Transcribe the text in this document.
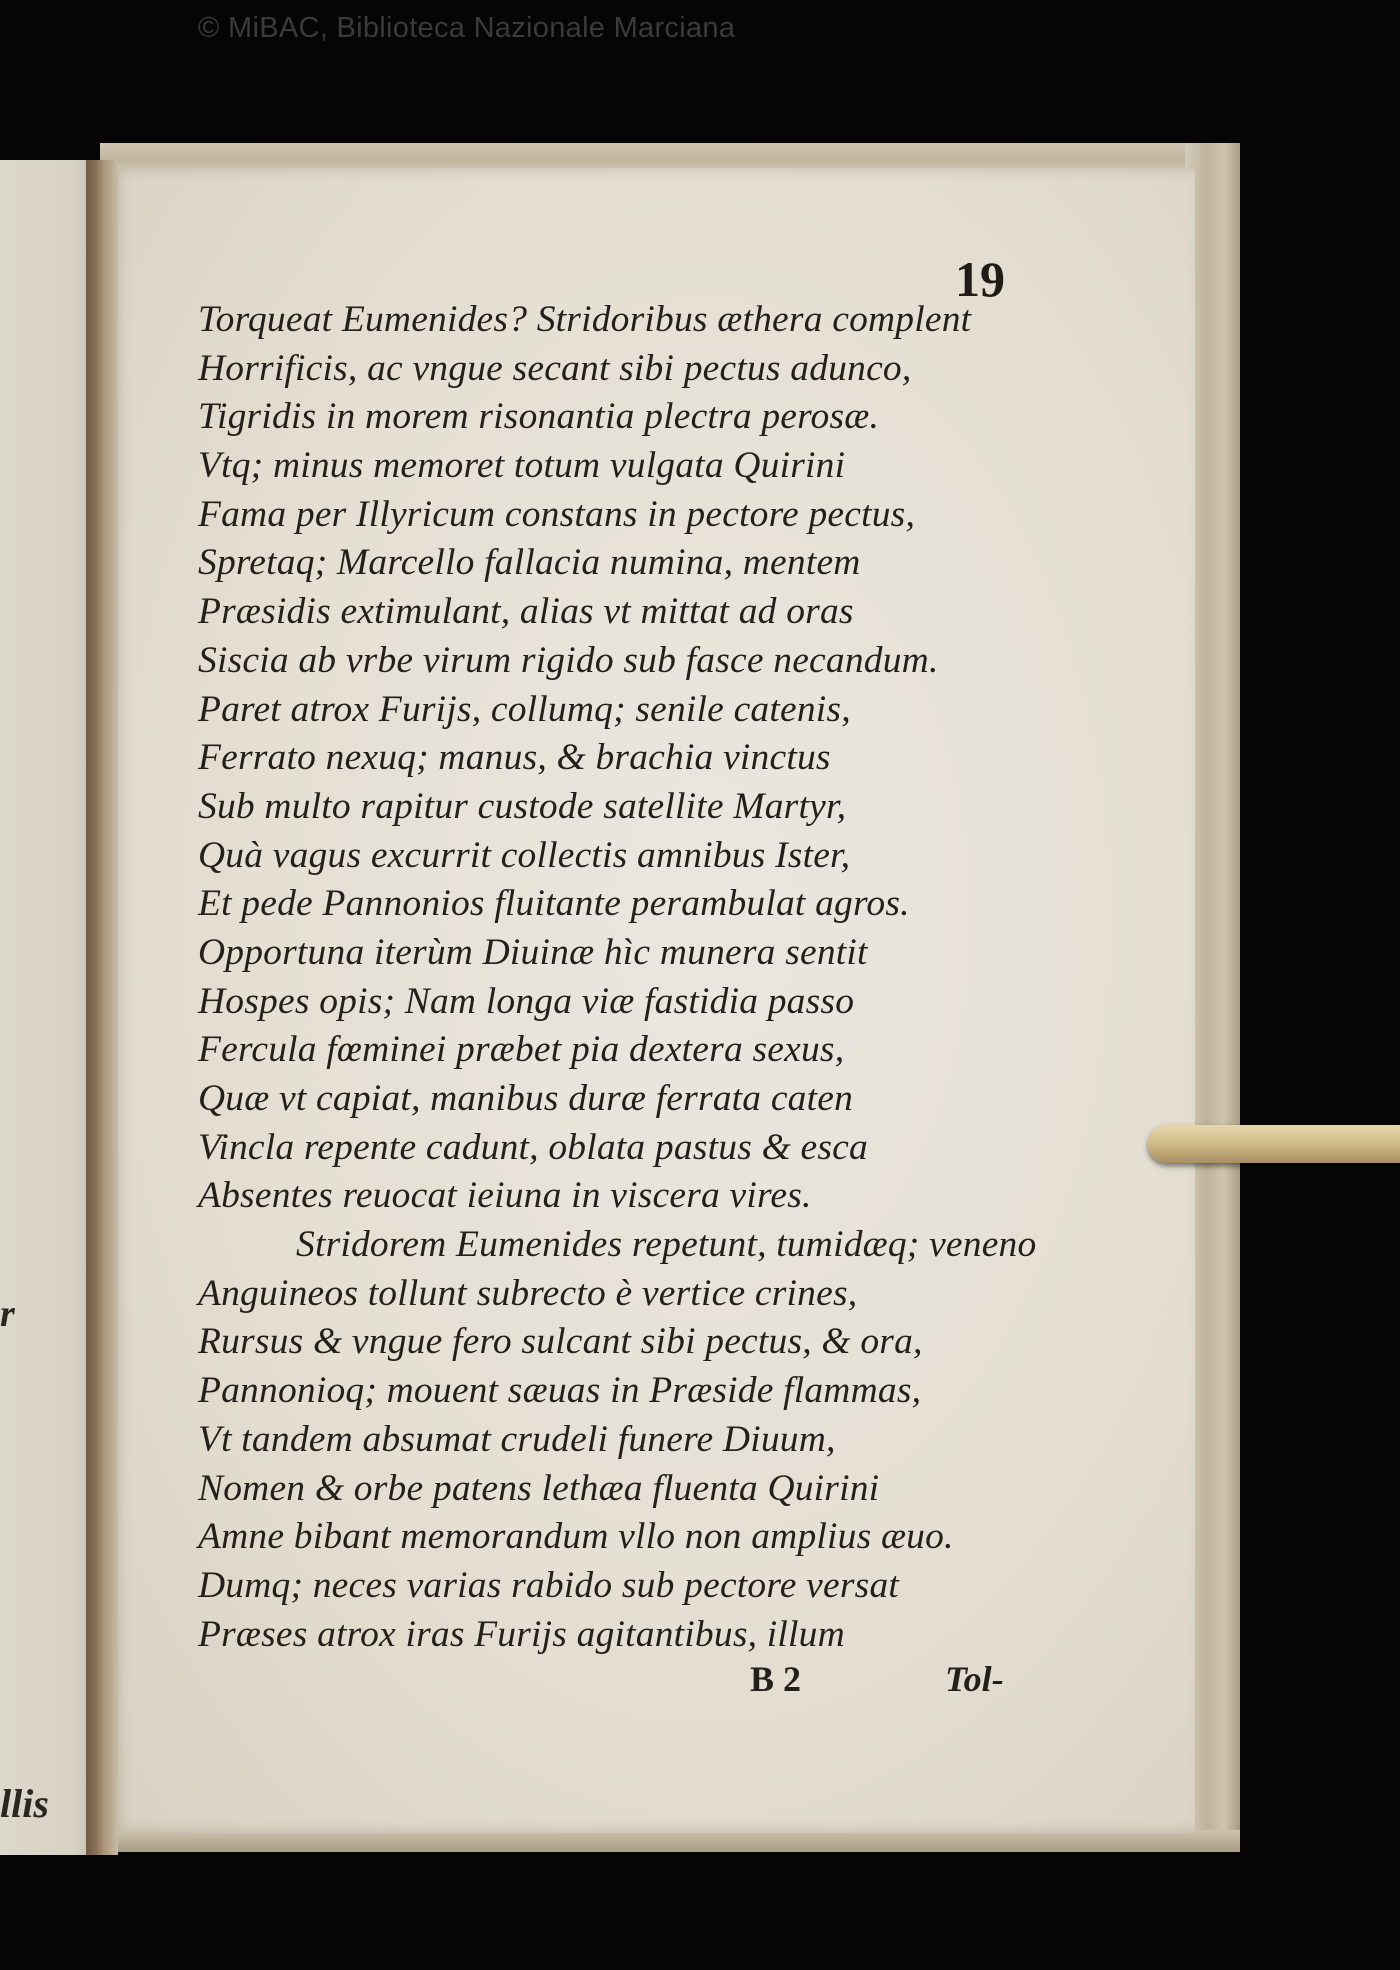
© MiBAC, Biblioteca Nazionale Marciana
r
llis
19
Torqueat Eumenides? Stridoribus æthera complent
Horrificis, ac vngue secant sibi pectus adunco,
Tigridis in morem risonantia plectra perosæ.
Vtq; minus memoret totum vulgata Quirini
Fama per Illyricum constans in pectore pectus,
Spretaq; Marcello fallacia numina, mentem
Præsidis extimulant, alias vt mittat ad oras
Siscia ab vrbe virum rigido sub fasce necandum.
Paret atrox Furijs, collumq; senile catenis,
Ferrato nexuq; manus, & brachia vinctus
Sub multo rapitur custode satellite Martyr,
Quà vagus excurrit collectis amnibus Ister,
Et pede Pannonios fluitante perambulat agros.
Opportuna iterùm Diuinæ hìc munera sentit
Hospes opis; Nam longa viæ fastidia passo
Fercula fœminei præbet pia dextera sexus,
Quæ vt capiat, manibus duræ ferrata caten
Vincla repente cadunt, oblata pastus & esca
Absentes reuocat ieiuna in viscera vires.
Stridorem Eumenides repetunt, tumidæq; veneno
Anguineos tollunt subrecto è vertice crines,
Rursus & vngue fero sulcant sibi pectus, & ora,
Pannonioq; mouent sæuas in Præside flammas,
Vt tandem absumat crudeli funere Diuum,
Nomen & orbe patens lethæa fluenta Quirini
Amne bibant memorandum vllo non amplius æuo.
Dumq; neces varias rabido sub pectore versat
Præses atrox iras Furijs agitantibus, illum
B 2	Tol-
